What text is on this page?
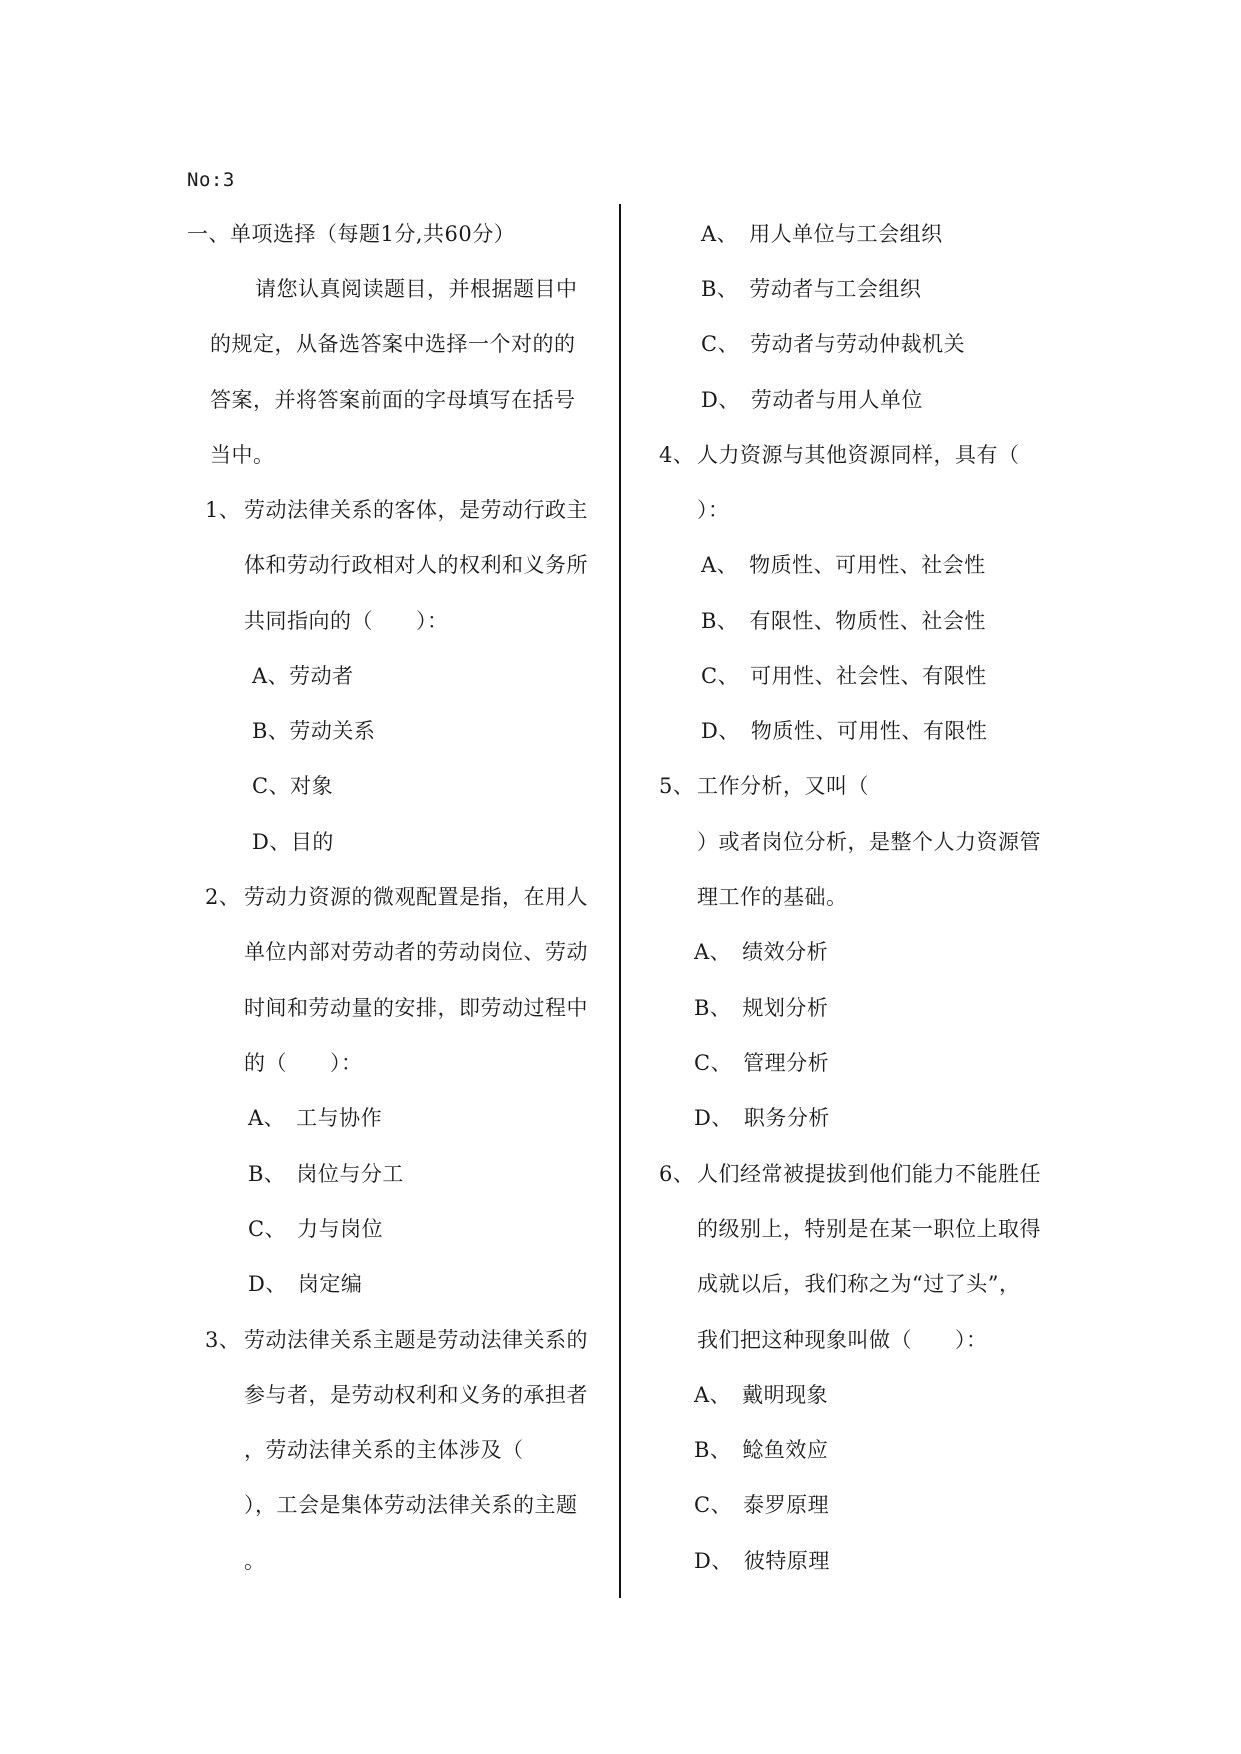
No:3
一、单项选择（每题1分,共60分）
请您认真阅读题目，并根据题目中
的规定，从备选答案中选择一个对的的
答案，并将答案前面的字母填写在括号
当中。
1、 劳动法律关系的客体，是劳动行政主
体和劳动行政相对人的权利和义务所
共同指向的（　　）：
A、劳动者
B、劳动关系
C、对象
D、目的
2、 劳动力资源的微观配置是指，在用人
单位内部对劳动者的劳动岗位、劳动
时间和劳动量的安排，即劳动过程中
的（　　）：
A、　工与协作
B、　岗位与分工
C、　力与岗位
D、　岗定编
3、 劳动法律关系主题是劳动法律关系的
参与者，是劳动权利和义务的承担者
，劳动法律关系的主体涉及（
），工会是集体劳动法律关系的主题
。
A、　用人单位与工会组织
B、　劳动者与工会组织
C、　劳动者与劳动仲裁机关
D、　劳动者与用人单位
4、 人力资源与其他资源同样，具有（
）：
A、　物质性、可用性、社会性
B、　有限性、物质性、社会性
C、　可用性、社会性、有限性
D、　物质性、可用性、有限性
5、 工作分析，又叫（
）或者岗位分析，是整个人力资源管
理工作的基础。
A、　绩效分析
B、　规划分析
C、　管理分析
D、　职务分析
6、 人们经常被提拔到他们能力不能胜任
的级别上，特别是在某一职位上取得
成就以后，我们称之为“过了头”，
我们把这种现象叫做（　　）：
A、　戴明现象
B、　鲶鱼效应
C、　泰罗原理
D、　彼特原理
